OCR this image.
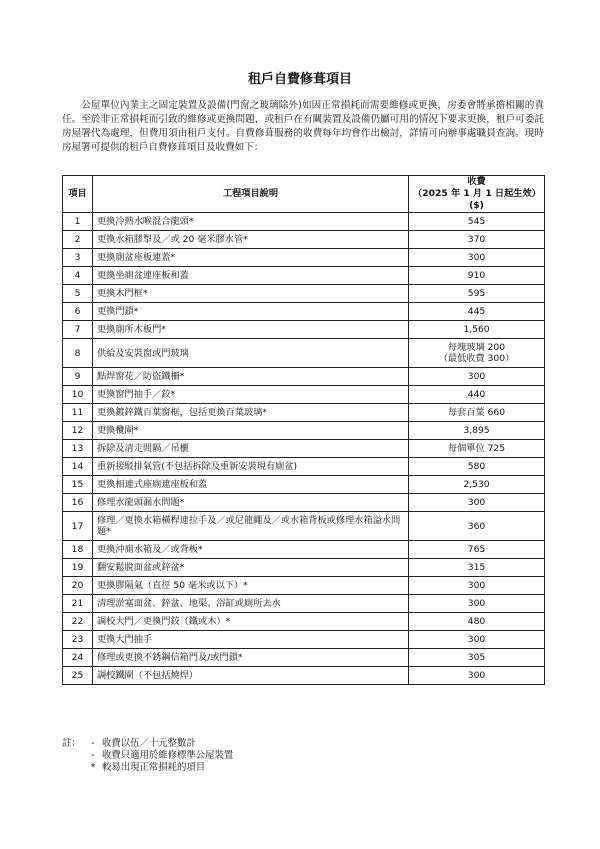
租戶自費修葺項目
公屋單位內業主之固定裝置及設備(門窗之玻璃除外)如因正常損耗而需要維修或更換，房委會將承擔相關的責任。至於非正常損耗而引致的維修或更換問題，或租戶在有關裝置及設備仍屬可用的情況下要求更換，租戶可委託房屋署代為處理，但費用須由租戶支付。自費修葺服務的收費每年均會作出檢討，詳情可向辦事處職員查詢。現時房屋署可提供的租戶自費修葺項目及收費如下：
項目	工程項目說明	收費
（2025 年 1 月 1 日起生效）
($)

1	更換冷熱水喉混合龍頭*	545

2	更換水箱膠掣及／或 20 毫米膠水管*	370

3	更換廁盆座板連蓋*	300

4	更換坐廁盆連座板和蓋	910

5	更換木門框*	595

6	更換門鎖*	445

7	更換廁所木板門*	1,560

8	供給及安裝窗或門玻璃	每塊玻璃 200
（最低收費 300）

9	點焊窗花／防盜鐵柵*	300

10	更換窗門抽手／鉸*	440

11	更換鍍鋅鐵百葉窗框，包括更換百葉玻璃*	每套百葉 660

12	更換欖閘*	3,895

13	拆除及清走間隔／吊櫃	每個單位 725

14	重新接駁排氣管(不包括拆除及重新安裝現有廁盆)	580

15	更換相連式座廁連座板和蓋	2,530

16	修理水龍頭漏水問題*	300

17	修理／更換水箱橫桿連拉手及／或尼龍繩及／或水箱背板或修理水箱溢水問題*	360

18	更換沖廁水箱及／或背板*	765

19	翻安鬆脫面盆或鋅盆*	315

20	更換膠隔氣（直徑 50 毫米或以下）*	300

21	清理淤塞面盆、鋅盆、地渠、浴缸或廁所去水	300

22	調校大門／更換門鉸（鐵或木）*	480

23	更換大門抽手	300

24	修理或更換不銹鋼信箱門及/或門鎖*	305

25	調校鐵閘（不包括燒焊）	300
註：	- 收費以伍／十元整數計
- 收費只適用於維修標準公屋裝置
* 較易出現正常損耗的項目
